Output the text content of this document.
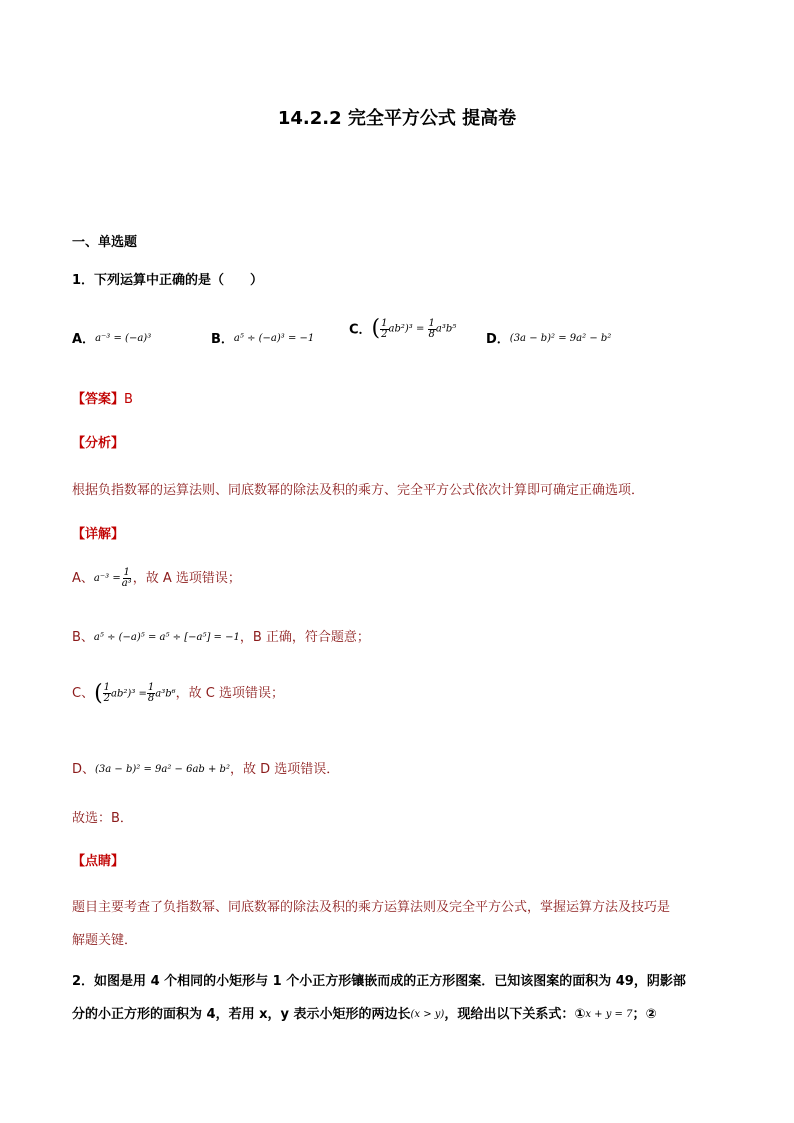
14.2.2 完全平方公式 提高卷
一、单选题
1．下列运算中正确的是（　　）
A．a⁻³ = (−a)³	B．a⁵ ÷ (−a)³ = −1
C．( $\frac{1}{2} ab^2)^3 = \frac{1}{8} a^3b^5$
D．(3a − b)² = 9a² − b²
【答案】B
【分析】
根据负指数幂的运算法则、同底数幂的除法及积的乘方、完全平方公式依次计算即可确定正确选项．
【详解】
A、$a^{-3} = \frac{1}{\text{a³}}$ ，故 A 选项错误；
B、a⁵ ÷ (−a)⁵ = a⁵ ÷ [−a⁵] = −1，B 正确，符合题意；
C、( $\frac{1}{2} ab^2)^3 = \frac{1}{8} a^3b^6$，故 C 选项错误；
D、(3a − b)² = 9a² − 6ab + b²，故 D 选项错误．
故选：B．
【点睛】
题目主要考查了负指数幂、同底数幂的除法及积的乘方运算法则及完全平方公式，掌握运算方法及技巧是
解题关键．
2．如图是用 4 个相同的小矩形与 1 个小正方形镶嵌而成的正方形图案．已知该图案的面积为 49，阴影部
分的小正方形的面积为 4，若用 x，y 表示小矩形的两边长(x > y)，现给出以下关系式：①x + y = 7；②
